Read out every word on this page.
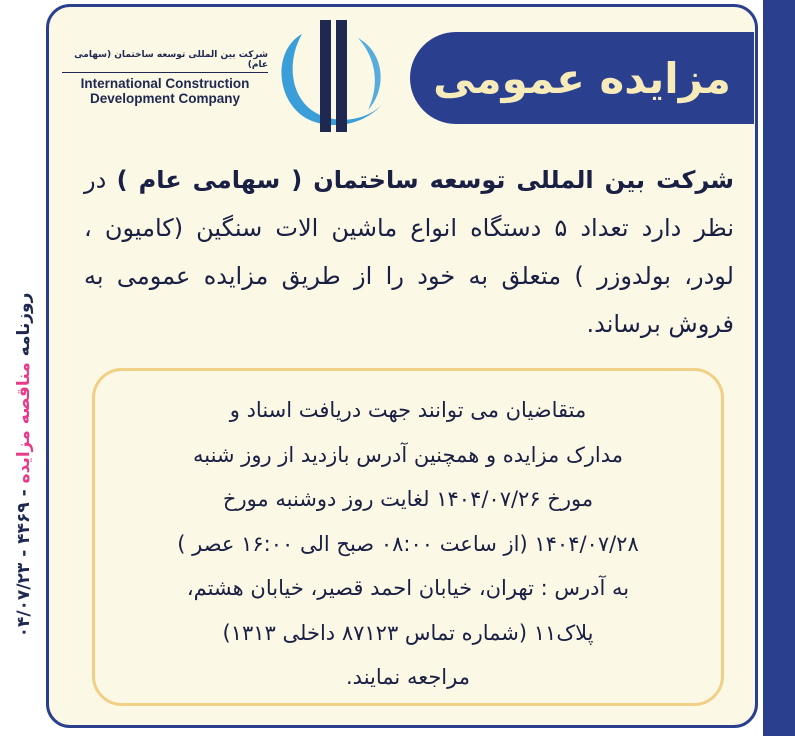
روزنامه مناقصه مزایده - ۴۴۶۹ - ۰۴/۰۷/۲۳
شرکت بین المللی توسعه ساختمان (سهامی عام)
International Construction
Development Company	مزایده عمومی
شرکت بین المللی توسعه ساختمان ( سهامی عام ) در نظر دارد تعداد ۵ دستگاه انواع ماشین الات سنگین (کامیون ، لودر، بولدوزر ) متعلق به خود را از طریق مزایده عمومی به فروش برساند.
متقاضیان می توانند جهت دریافت اسناد و
مدارک مزایده و همچنین آدرس بازدید از روز شنبه
مورخ ۱۴۰۴/۰۷/۲۶ لغایت روز دوشنبه مورخ
۱۴۰۴/۰۷/۲۸ (از ساعت ۰۸:۰۰ صبح الی ۱۶:۰۰ عصر )
به آدرس : تهران، خیابان احمد قصیر، خیابان هشتم،
پلاک۱۱ (شماره تماس ۸۷۱۲۳ داخلی ۱۳۱۳)
مراجعه نمایند.
